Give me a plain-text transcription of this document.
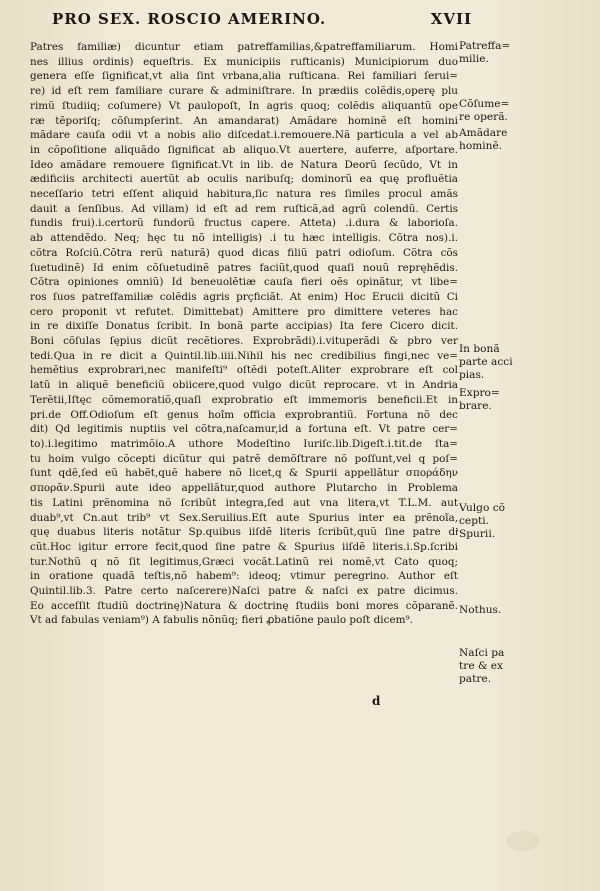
PRO SEX. ROSCIO AMERINO.	XVII
Patres familiæ) dicuntur etiam patreffamilias,&patreffamiliarum. Homi
nes illius ordinis) equeſtris. Ex municipiis rufticanis) Municipiorum duo
genera eſſe ſignificat,vt alia ſint vrbana,alia ruſticana. Rei familiari ſerui=
re) id eſt rem familiare curare & adminiſtrare. In prædiis colẽdis,operę plu
rimũ ſtudiiq; coſumere) Vt paulopoſt, In agris quoq; colẽdis aliquantũ ope
ræ tẽporiſq; cõſumpſerint. An amandarat) Amãdare hominẽ eſt homini
mãdare cauſa odii vt a nobis alio diſcedat.i.remouere.Nã particula a vel ab
in cõpoſitione aliquãdo ſignificat ab aliquo.Vt auertere, auferre, aſportare.
Ideo amãdare remouere ſignificat.Vt in lib. de Natura Deorũ ſecũdo, Vt in
ædificiis architecti auertũt ab oculis naribuſq; dominorũ ea quę profluẽtia
neceſſario tetri eſſent aliquid habitura,ſic natura res ſimiles procul amãs
dauit a ſenſibus. Ad villam) id eſt ad rem ruſticã,ad agrũ colendũ. Certis
fundis frui).i.certorũ fundorũ fructus capere. Atteta) .i.dura & laborioſa.
ab attendẽdo. Neq; hęc tu nõ intelligis) .i tu hæc intelligis. Cõtra nos).i.
cõtra Roſciũ.Cõtra rerũ naturã) quod dicas filiũ patri odioſum. Cõtra cõs
ſuetudinẽ) Id enim cõſuetudinẽ patres faciũt,quod quaſi nouũ repręhẽdis.
Cõtra opiniones omniũ) Id beneuolẽtiæ cauſa fieri oẽs opinãtur, vt libe=
ros ſuos patreſfamiliæ colẽdis agris prçficiãt. At enim) Hoc Erucii dicitũ Ci
cero proponit vt refutet. Dimittebat) Amittere pro dimittere veteres hac
in re dixiſſe Donatus ſcribit. In bonã parte accipias) Ita fere Cicero dicit.
Boni cõſulas ſępius dicũt recẽtiores. Exprobrãdi).i.vituperãdi & pbro ver
tedi.Qua in re dicit a Quintil.lib.iiii.Nihil his nec credibilius fingi,nec ve=
hemẽtius exprobrari,nec manifeſti⁹ oſtẽdi poteſt.Aliter exprobrare eſt col
latũ in aliquẽ beneficiũ obiicere,quod vulgo dicũt reprocare. vt in Andria
Terẽtii,Iſtęc cõmemoratiõ,quaſi exprobratio eſt immemoris beneficii.Et in
pri.de Off.Odioſum eſt genus hoĩm officia exprobrantiũ. Fortuna nõ dec
dit) Qd legitimis nuptiis vel cõtra,naſcamur,id a fortuna eſt. Vt patre cer=
to).i.legitimo matrimõio.A uthore Modeſtino Iuriſc.lib.Digeſt.i.tit.de ſta=
tu hoim vulgo cõcepti dicũtur qui patrẽ demõſtrare nõ poſſunt,vel q poſ=
ſunt qdẽ,ſed eũ habẽt,quẽ habere nõ licet,q & Spurii appellãtur σποράδην
σπορᾶν.Spurii aute ideo appellãtur,quod authore Plutarcho in Problema
tis Latini prẽnomina nõ ſcribũt integra,ſed aut vna litera,vt T.L.M. aut
duab⁹,vt Cn.aut trib⁹ vt Sex.Seruilius.Eſt aute Spurius inter ea prẽnoĩa,
quę duabus literis notãtur Sp.quibus iiſdẽ literis ſcribũt,quũ ſine patre diͤ
cũt.Hoc igitur errore fecit,quod ſine patre & Spurius iiſdẽ literis.i.Sp.ſcribi
tur.Nothũ q nõ ſit legitimus,Græci vocãt.Latinũ rei nomẽ,vt Cato quoq;
in oratione quadã teſtis,nõ habem⁹: ideoq; vtimur peregrino. Author eſt
Quintil.lib.3. Patre certo naſcerere)Naſci patre & naſci ex patre dicimus.
Eo acceſſit ſtudiũ doctrinę)Natura & doctrinę ſtudiis boni mores cõparanẽ.
Vt ad fabulas veniam⁹) A fabulis nõnũq; fieri ꝓbatiõne paulo poſt dicem⁹.
Patreffa=
milie.
Cõſume=
re operã.
Amãdare
hominẽ.
In bonã
parte acci
pias.
Expro=
brare.
Vulgo cõ
cepti.
Spurii.
Nothus.
Naſci pa
tre & ex
patre.
d
